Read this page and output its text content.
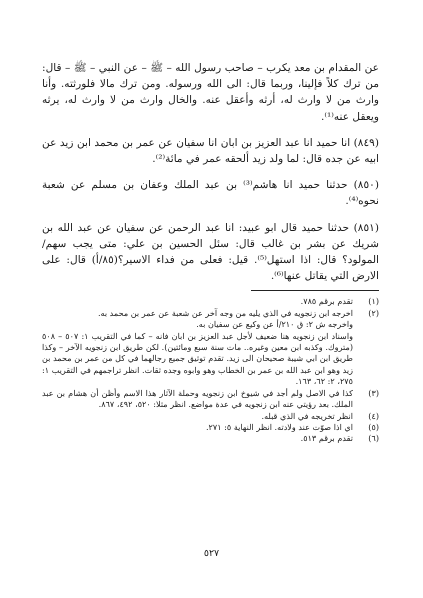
عن المقدام بن معد يكرب – صاحب رسول الله – ﷺ – عن النبي – ﷺ – قال: من ترك كلاً فإلينا، وربما قال: الى الله ورسوله. ومن ترك مالا فلورثته. وأنا وارث من لا وارث له، أرثه وأعقل عنه. والخال وارث من لا وارث له، يرثه ويعقل عنه⁽¹⁾.

(٨٤٩) انا حميد انا عبد العزيز بن ابان انا سفيان عن عمر بن محمد ابن زيد عن ابيه عن جده قال: لما ولد زيد ألحقه عمر في مائة⁽²⁾.

(٨٥٠) حدثنا حميد انا هاشم⁽³⁾ بن عبد الملك وعفان بن مسلم عن شعبة نحوه⁽⁴⁾.

(٨٥١) حدثنا حميد قال ابو عبيد: انا عبد الرحمن عن سفيان عن عبد الله بن شريك عن بشر بن غالب قال: سئل الحسين بن علي: متى يجب سهم/ المولود؟ قال: اذا استهل⁽⁵⁾. قيل: فعلى من فداء الاسير؟(٨٥/أ) قال: على الارض التي يقاتل عنها⁽⁶⁾.

(١)
تقدم برقم ٧٨٥.
(٢)
اخرجه ابن زنجويه في الذي يليه من وجه آخر عن شعبة عن عمر بن محمد به.
واخرجه ش ٢: ق ٢١٠/أ عن وكيع عن سفيان به.
واسناد ابن زنجويه هنا ضعيف لأجل عبد العزيز بن ابان فانه – كما في التقريب ١: ٥٠٧ – ٥٠٨ (متروك. وكذبه ابن معين وغيره.. مات سنة سبع ومائتين). لكن طريق ابن زنجويه الآخر – وكذا طريق ابن ابي شيبة صحيحان الى زيد. تقدم توثيق جميع رجالهما في كل من عمر بن محمد بن زيد وهو ابن عبد الله بن عمر بن الخطاب وهو وابوه وجده ثقات. انظر تراجمهم في التقريب ١: ٢٧٥، ٢: ٦٢، ١٦٣.
(٣)
كذا في الاصل ولم أجد في شيوخ ابن زنجويه وحملة الآثار هذا الاسم وأظن أن هشام بن عبد الملك. بعد رؤيتي عنه ابن زنجويه في عدة مواضع. انظر مثلا: ٥٢٠، ٤٩٢، ٨٦٧.
(٤)
انظر تخريجه في الذي قبله.
(٥)
اي اذا صوّت عند ولادته. انظر النهاية ٥: ٢٧١.
(٦)
تقدم برقم ٥١٣.
٥٢٧
